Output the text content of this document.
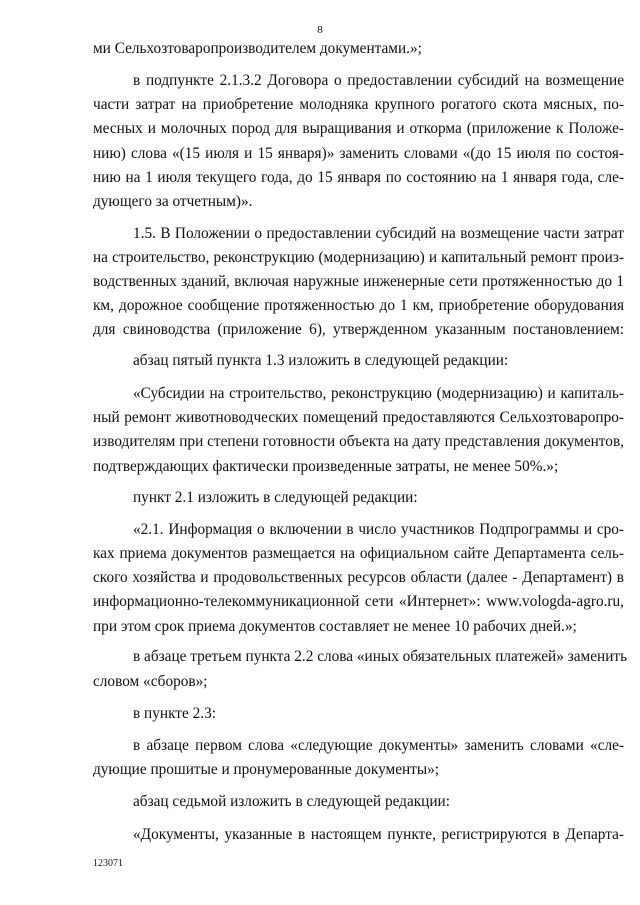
8
ми Сельхозтоваропроизводителем документами.»;
в подпункте 2.1.3.2 Договора о предоставлении субсидий на возмещение
части затрат на приобретение молодняка крупного рогатого скота мясных, по-
месных и молочных пород для выращивания и откорма (приложение к Положе-
нию) слова «(15 июля и 15 января)» заменить словами «(до 15 июля по состоя-
нию на 1 июля текущего года, до 15 января по состоянию на 1 января года, сле-
дующего за отчетным)».
1.5. В Положении о предоставлении субсидий на возмещение части затрат
на строительство, реконструкцию (модернизацию) и капитальный ремонт произ-
водственных зданий, включая наружные инженерные сети протяженностью до 1
км, дорожное сообщение протяженностью до 1 км, приобретение оборудования
для свиноводства (приложение 6), утвержденном указанным постановлением:
абзац пятый пункта 1.3 изложить в следующей редакции:
«Субсидии на строительство, реконструкцию (модернизацию) и капиталь-
ный ремонт животноводческих помещений предоставляются Сельхозтоваропро-
изводителям при степени готовности объекта на дату представления документов,
подтверждающих фактически произведенные затраты, не менее 50%.»;
пункт 2.1 изложить в следующей редакции:
«2.1. Информация о включении в число участников Подпрограммы и сро-
ках приема документов размещается на официальном сайте Департамента сель-
ского хозяйства и продовольственных ресурсов области (далее - Департамент) в
информационно-телекоммуникационной сети «Интернет»: www.vologda-agro.ru,
при этом срок приема документов составляет не менее 10 рабочих дней.»;
в абзаце третьем пункта 2.2 слова «иных обязательных платежей» заменить
словом «сборов»;
в пункте 2.3:
в абзаце первом слова «следующие документы» заменить словами «сле-
дующие прошитые и пронумерованные документы»;
абзац седьмой изложить в следующей редакции:
«Документы, указанные в настоящем пункте, регистрируются в Департа-
123071
